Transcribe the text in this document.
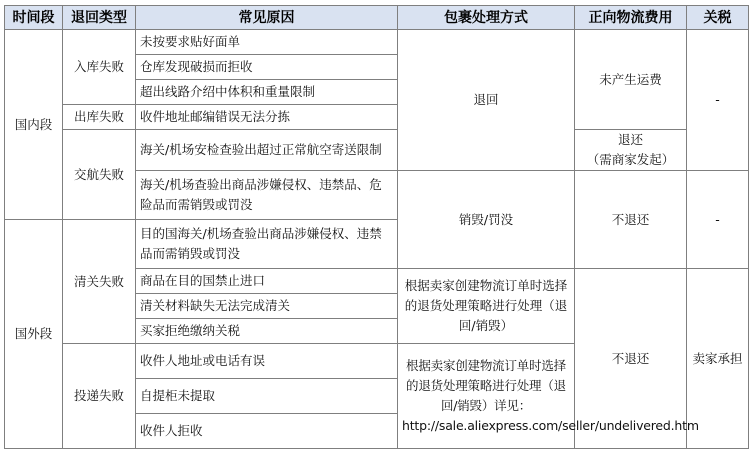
时间段	退回类型	常见原因	包裹处理方式	正向物流费用	关税
国内段	入库失败	未按要求贴好面单	退回	未产生运费	-
		仓库发现破损而拒收			
		超出线路介绍中体积和重量限制			
	出库失败	收件地址邮编错误无法分拣			
	交航失败	海关/机场安检查验出超过正常航空寄送限制		退还
（需商家发起）	

		海关/机场查验出商品涉嫌侵权、违禁品、危险品而需销毁或罚没	销毁/罚没	不退还	-
国外段	清关失败	目的国海关/机场查验出商品涉嫌侵权、违禁品而需销毁或罚没			
		商品在目的国禁止进口	根据卖家创建物流订单时选择的退货处理策略进行处理（退回/销毁）	不退还	卖家承担
		清关材料缺失无法完成清关			
		买家拒绝缴纳关税			
	投递失败	收件人地址或电话有误	根据卖家创建物流订单时选择的退货处理策略进行处理（退回/销毁）详见：http://sale.aliexpress.com/seller/undelivered.htm		
		自提柜未提取			
		收件人拒收			
